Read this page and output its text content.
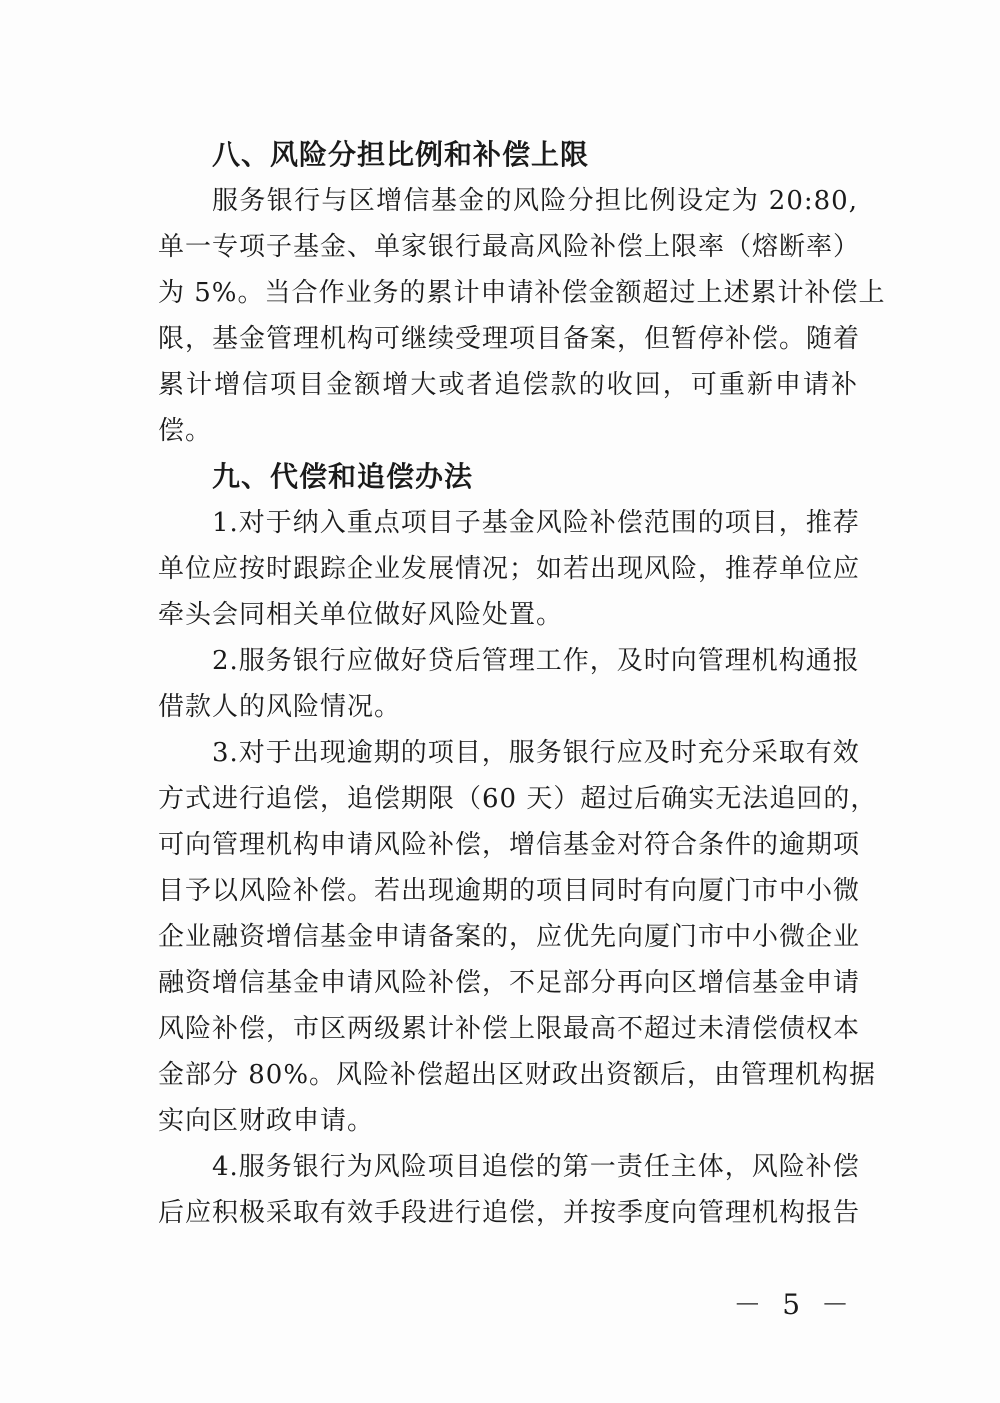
八、风险分担比例和补偿上限
服务银行与区增信基金的风险分担比例设定为 20:80,
单一专项子基金、单家银行最高风险补偿上限率（熔断率）
为 5%。当合作业务的累计申请补偿金额超过上述累计补偿上
限，基金管理机构可继续受理项目备案，但暂停补偿。随着
累计增信项目金额增大或者追偿款的收回，可重新申请补
偿。
九、代偿和追偿办法
1.对于纳入重点项目子基金风险补偿范围的项目，推荐
单位应按时跟踪企业发展情况；如若出现风险，推荐单位应
牵头会同相关单位做好风险处置。
2.服务银行应做好贷后管理工作，及时向管理机构通报
借款人的风险情况。
3.对于出现逾期的项目，服务银行应及时充分采取有效
方式进行追偿，追偿期限（60 天）超过后确实无法追回的，
可向管理机构申请风险补偿，增信基金对符合条件的逾期项
目予以风险补偿。若出现逾期的项目同时有向厦门市中小微
企业融资增信基金申请备案的，应优先向厦门市中小微企业
融资增信基金申请风险补偿，不足部分再向区增信基金申请
风险补偿，市区两级累计补偿上限最高不超过未清偿债权本
金部分 80%。风险补偿超出区财政出资额后，由管理机构据
实向区财政申请。
4.服务银行为风险项目追偿的第一责任主体，风险补偿
后应积极采取有效手段进行追偿，并按季度向管理机构报告
－ 5 －
